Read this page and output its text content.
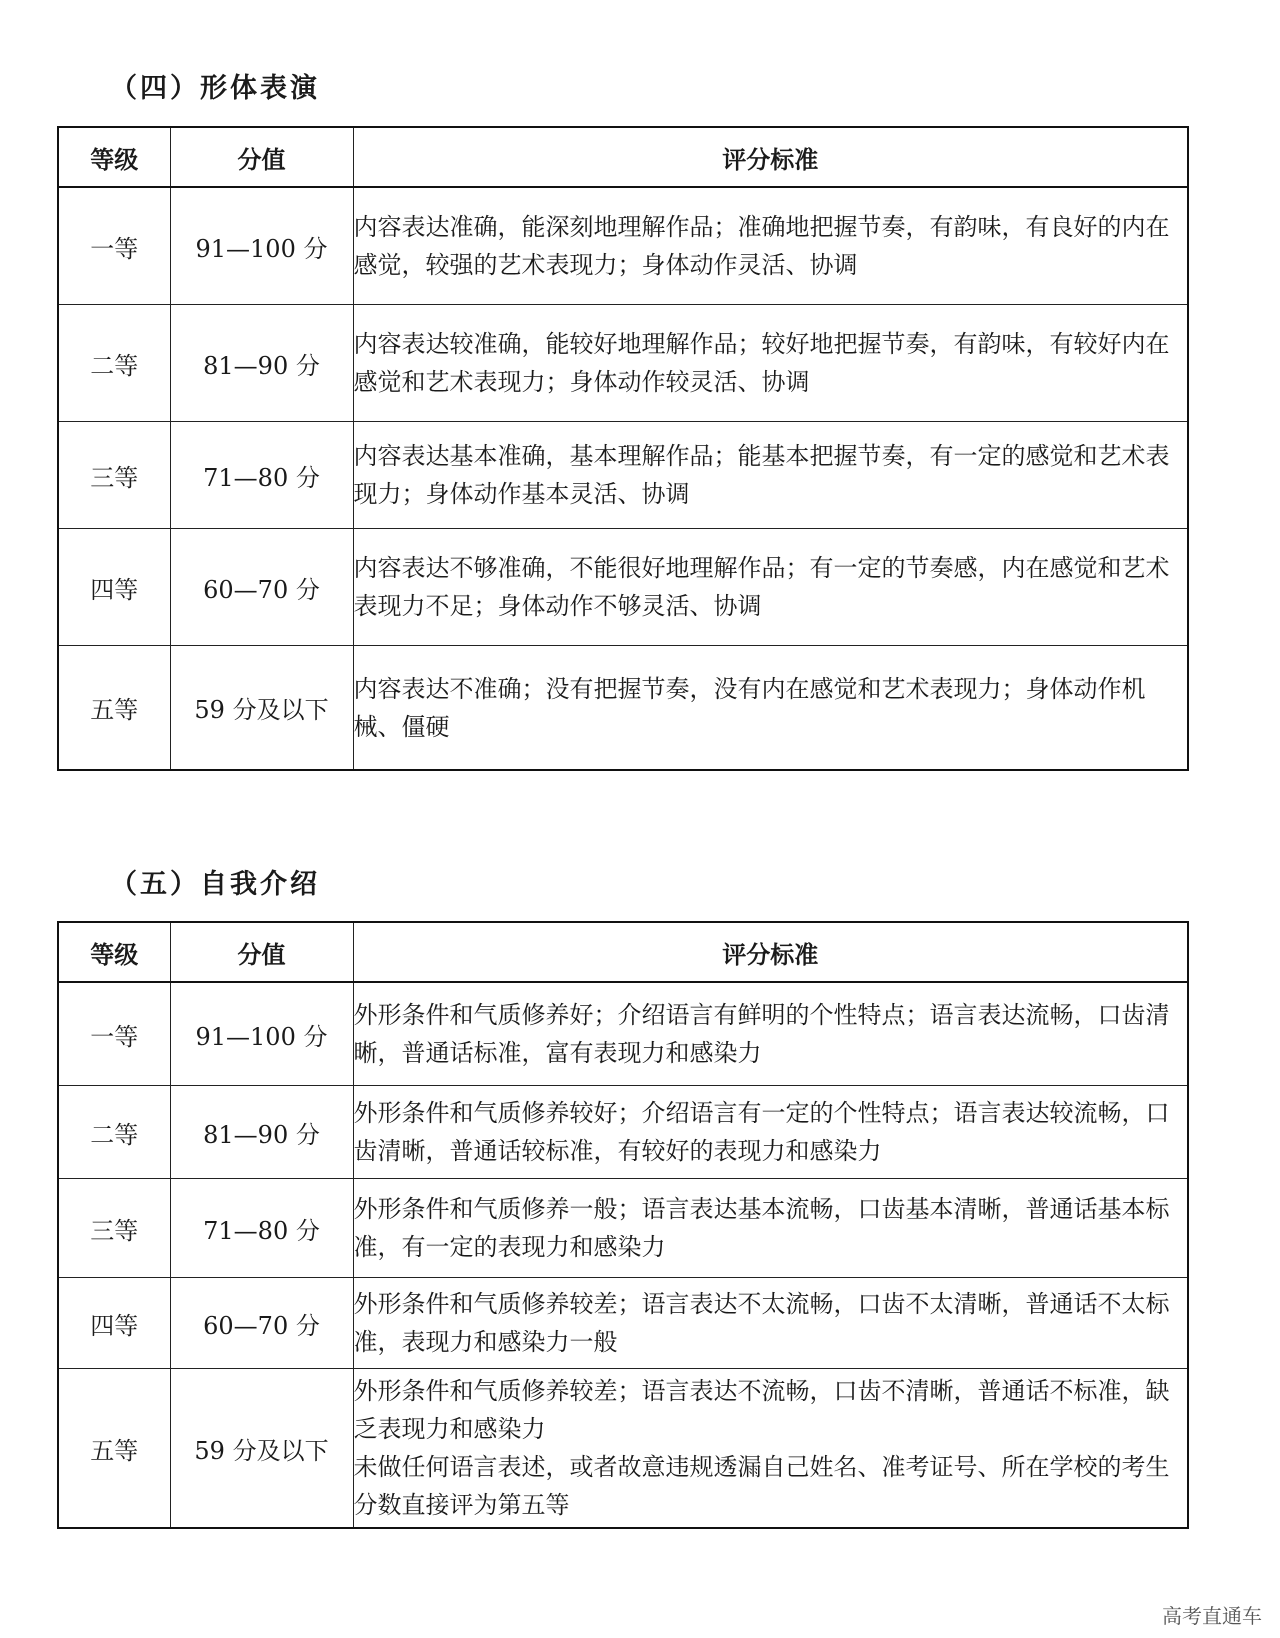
（四）形体表演
等级	分值	评分标准
一等	91—100 分	内容表达准确，能深刻地理解作品；准确地把握节奏，有韵味，有良好的内在感觉，较强的艺术表现力；身体动作灵活、协调

二等	81—90 分	内容表达较准确，能较好地理解作品；较好地把握节奏，有韵味，有较好内在感觉和艺术表现力；身体动作较灵活、协调

三等	71—80 分	内容表达基本准确，基本理解作品；能基本把握节奏，有一定的感觉和艺术表现力；身体动作基本灵活、协调

四等	60—70 分	内容表达不够准确，不能很好地理解作品；有一定的节奏感，内在感觉和艺术表现力不足；身体动作不够灵活、协调

五等	59 分及以下	内容表达不准确；没有把握节奏，没有内在感觉和艺术表现力；身体动作机械、僵硬
（五）自我介绍
等级	分值	评分标准
一等	91—100 分	外形条件和气质修养好；介绍语言有鲜明的个性特点；语言表达流畅，口齿清晰，普通话标准，富有表现力和感染力

二等	81—90 分	外形条件和气质修养较好；介绍语言有一定的个性特点；语言表达较流畅，口齿清晰，普通话较标准，有较好的表现力和感染力

三等	71—80 分	外形条件和气质修养一般；语言表达基本流畅，口齿基本清晰，普通话基本标准，有一定的表现力和感染力

四等	60—70 分	外形条件和气质修养较差；语言表达不太流畅，口齿不太清晰，普通话不太标准，表现力和感染力一般

五等	59 分及以下	外形条件和气质修养较差；语言表达不流畅，口齿不清晰，普通话不标准，缺乏表现力和感染力
未做任何语言表述，或者故意违规透漏自己姓名、准考证号、所在学校的考生分数直接评为第五等
高考直通车
